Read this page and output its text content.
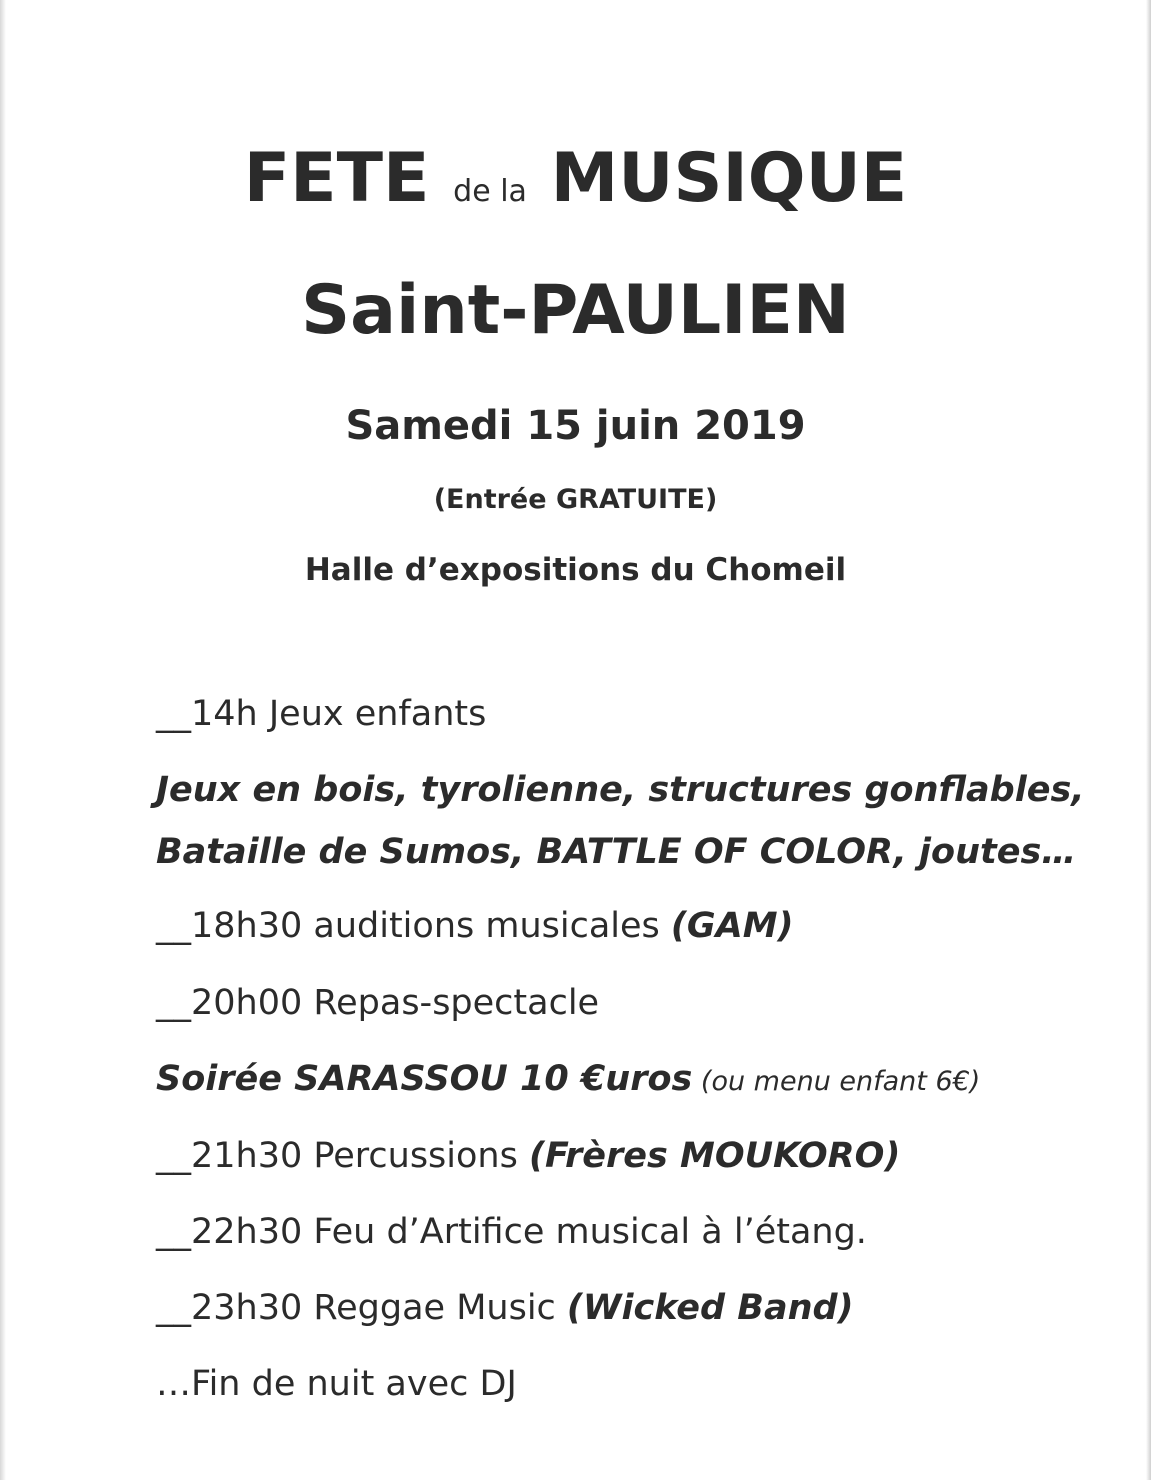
FETE de la MUSIQUE
Saint-PAULIEN
Samedi 15 juin 2019
(Entrée GRATUITE)
Halle d’expositions du Chomeil
__14h Jeux enfants
Jeux en bois, tyrolienne, structures gonflables,
Bataille de Sumos, BATTLE OF COLOR, joutes…
__18h30 auditions musicales (GAM)
__20h00 Repas-spectacle
Soirée SARASSOU 10 €uros (ou menu enfant 6€)
__21h30 Percussions (Frères MOUKORO)
__22h30 Feu d’Artifice musical à l’étang.
__23h30 Reggae Music (Wicked Band)
…Fin de nuit avec DJ
